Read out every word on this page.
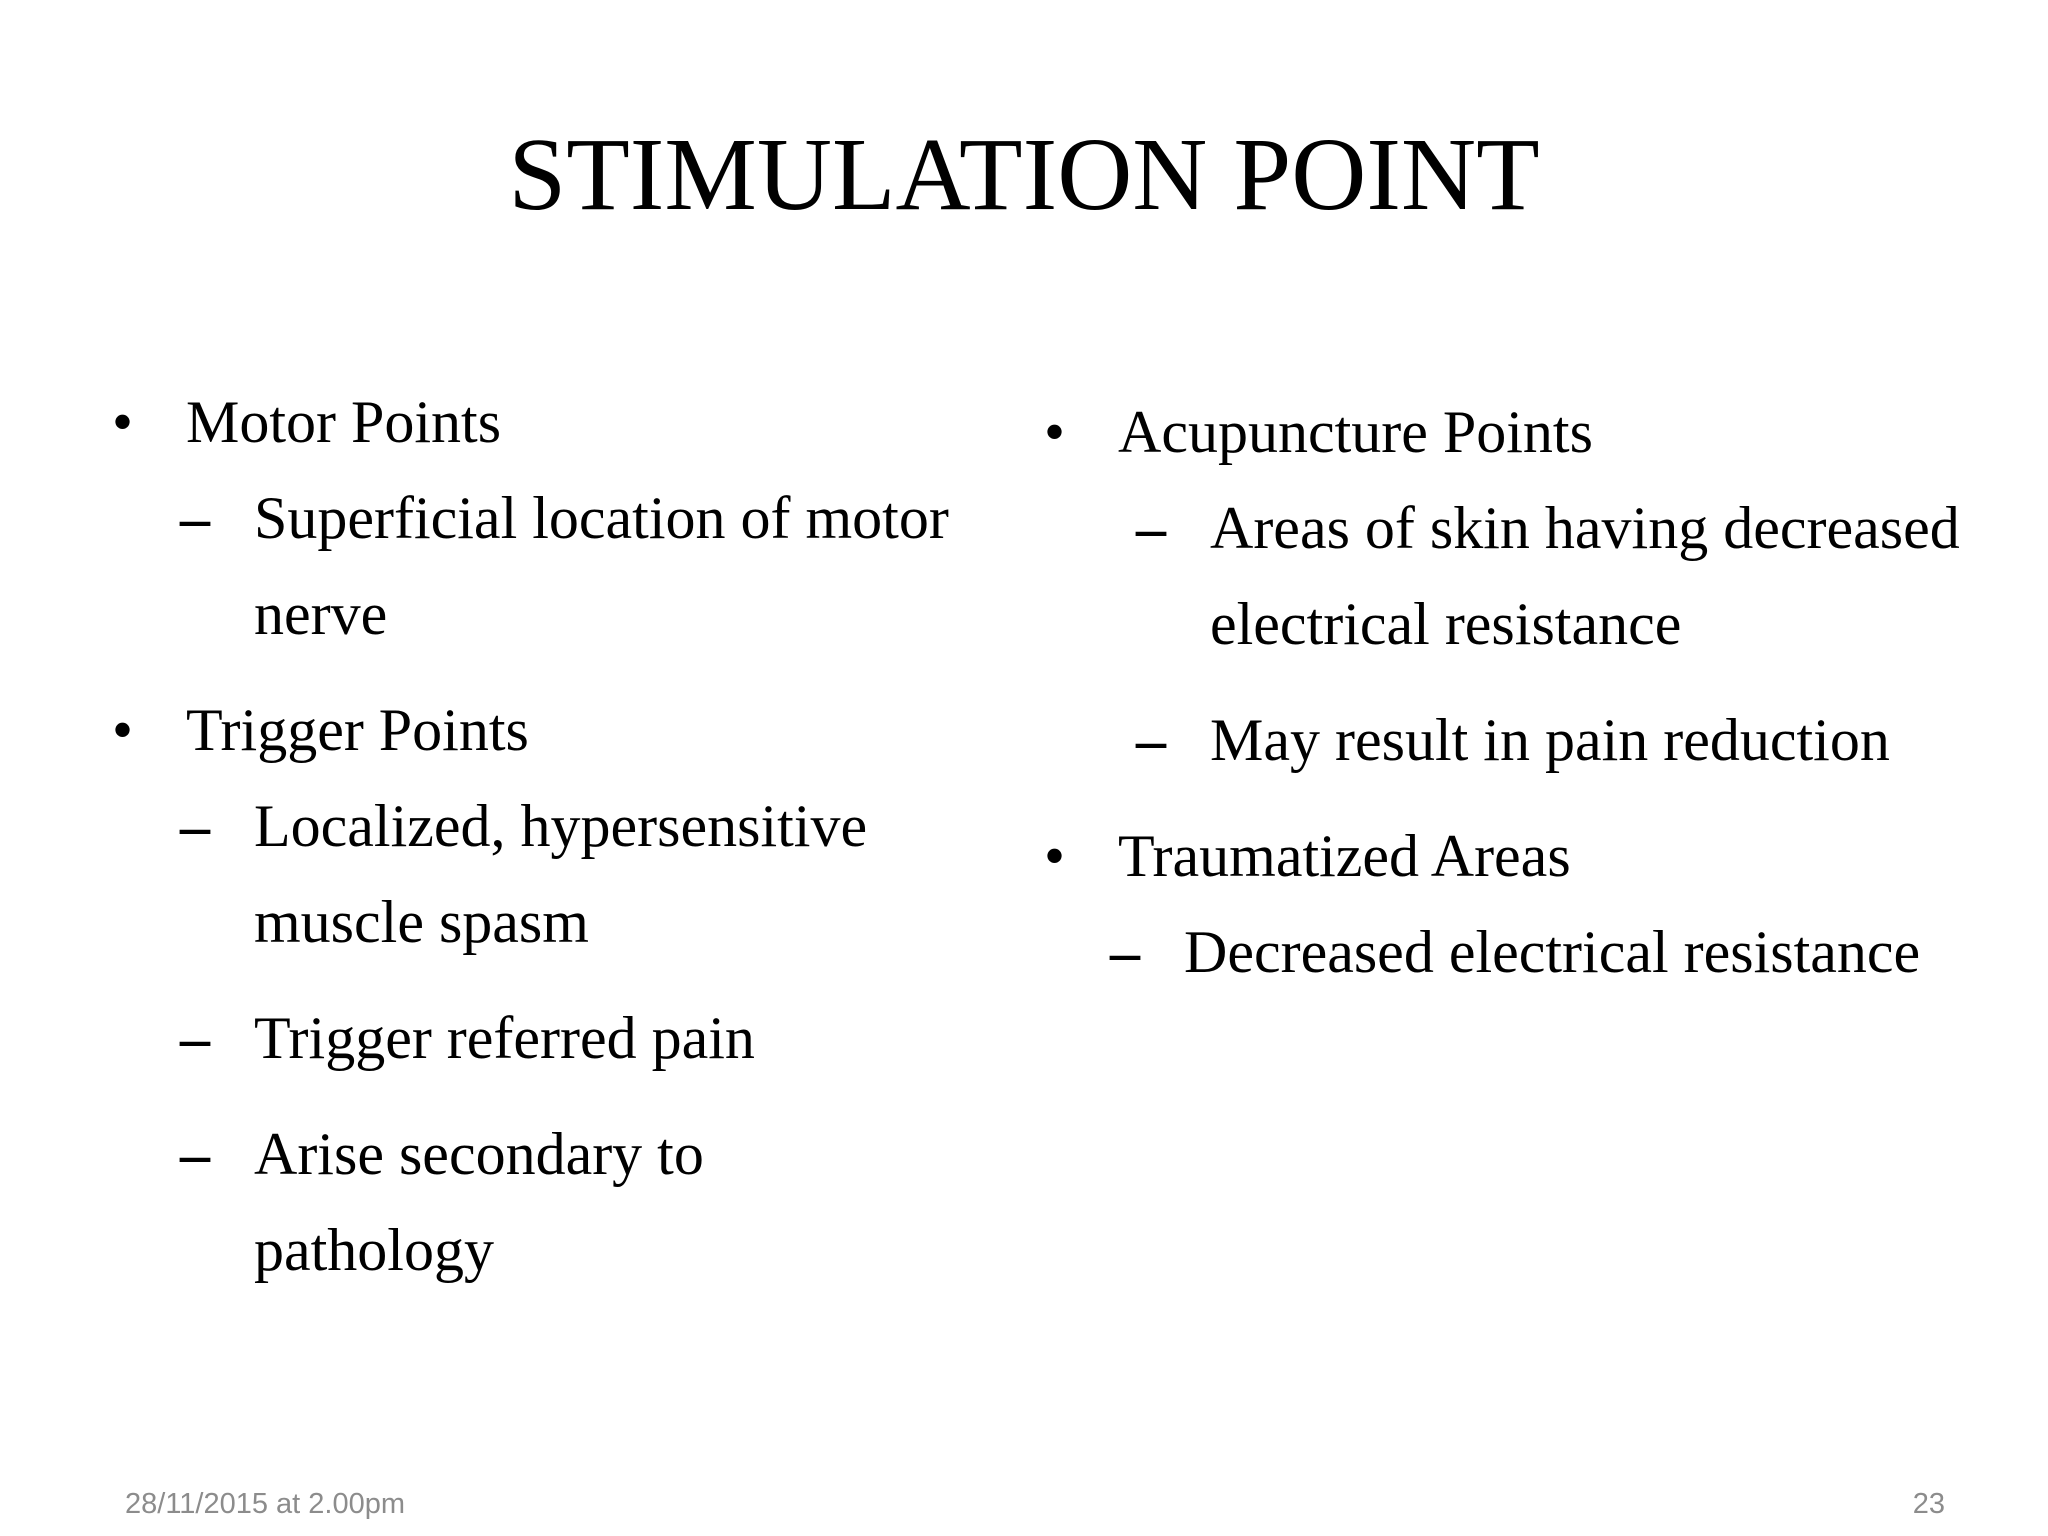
STIMULATION POINT
• Motor Points
– Superficial location of motor nerve
• Trigger Points
– Localized, hypersensitive muscle spasm
– Trigger referred pain
– Arise secondary to pathology
• Acupuncture Points
– Areas of skin having decreased electrical resistance
– May result in pain reduction
• Traumatized Areas
– Decreased electrical resistance
28/11/2015 at 2.00pm	23
